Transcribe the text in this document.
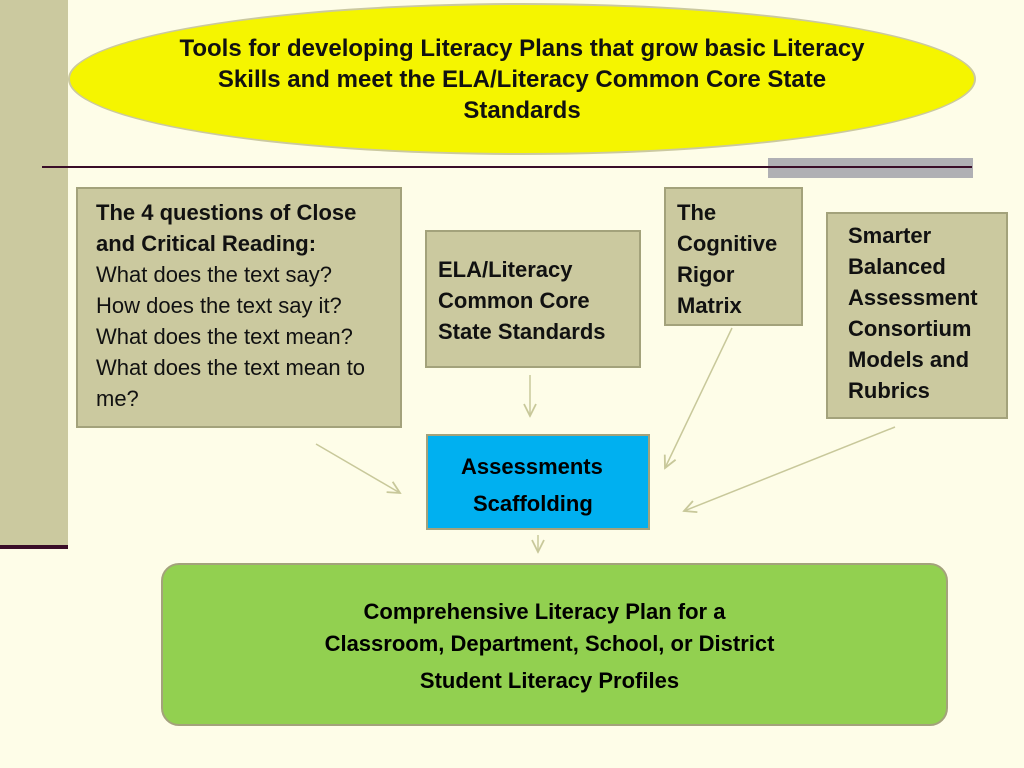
Tools for developing Literacy Plans that grow basic Literacy Skills and meet the ELA/Literacy Common Core State Standards
The 4 questions of Close and Critical Reading:
What does the text say?
How does the text say it?
What does the text mean?
What does the text mean to me?
ELA/Literacy Common Core State Standards
The Cognitive Rigor Matrix
Smarter Balanced Assessment Consortium Models and Rubrics
Assessments
Scaffolding
Comprehensive Literacy Plan for a
Classroom, Department, School, or District
Student Literacy Profiles
